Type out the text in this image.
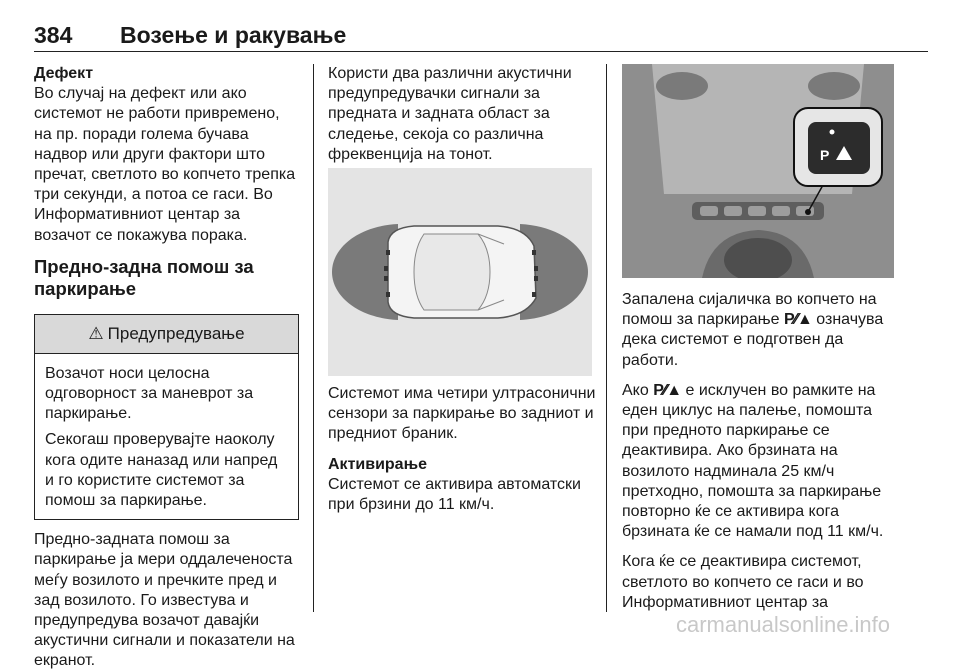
384 Возење и ракување

Дефект

Во случај на дефект или ако системот не работи привремено, на пр. поради голема бучава надвор или други фактори што пречат, светлото во копчето трепка три секунди, а потоа се гаси. Во Информативниот центар за возачот се покажува порака.

Предно-задна помош за паркирање

⚠ Предупредување

Возачот носи целосна одговорност за маневрот за паркирање.

Секогаш проверувајте наоколу кога одите наназад или напред и го користите системот за помош за паркирање.

Предно-задната помош за паркирање ја мери оддалеченоста меѓу возилото и пречките пред и зад возилото. Го известува и предупредува возачот давајќи акустични сигнали и показатели на екранот.

Користи два различни акустични предупредувачки сигнали за предната и задната област за следење, секоја со различна фреквенција на тонот.

Системот има четири ултрасонични сензори за паркирање во задниот и предниот браник.

Активирање

Системот се активира автоматски при брзини до 11 км/ч.

P

Запалена сијаличка во копчето на помош за паркирање P⁄⁄▲ означува дека системот е подготвен да работи.

Ако P⁄⁄▲ е исклучен во рамките на еден циклус на палење, помошта при предното паркирање се деактивира. Ако брзината на возилото надминала 25 км/ч претходно, помошта за паркирање повторно ќе се активира кога брзината ќе се намали под 11 км/ч.

Кога ќе се деактивира системот, светлото во копчето се гаси и во Информативниот центар за

carmanualsonline.info
